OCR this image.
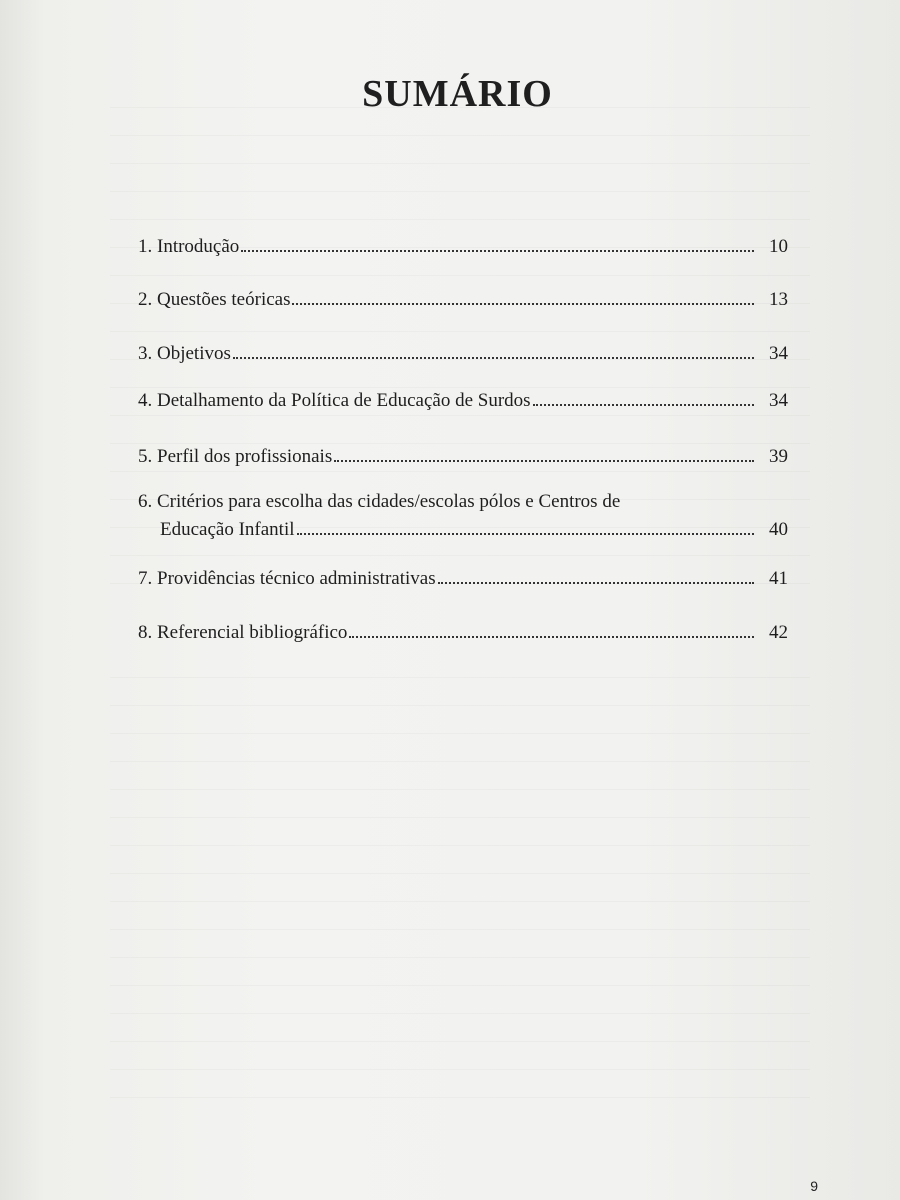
SUMÁRIO
1. Introdução	10
2. Questões teóricas	13
3. Objetivos	34
4. Detalhamento da Política de Educação de Surdos	34
5. Perfil dos profissionais	39
6. Critérios para escolha das cidades/escolas pólos e Centros de
Educação Infantil	40
7. Providências técnico administrativas	41
8. Referencial bibliográfico	42
9
